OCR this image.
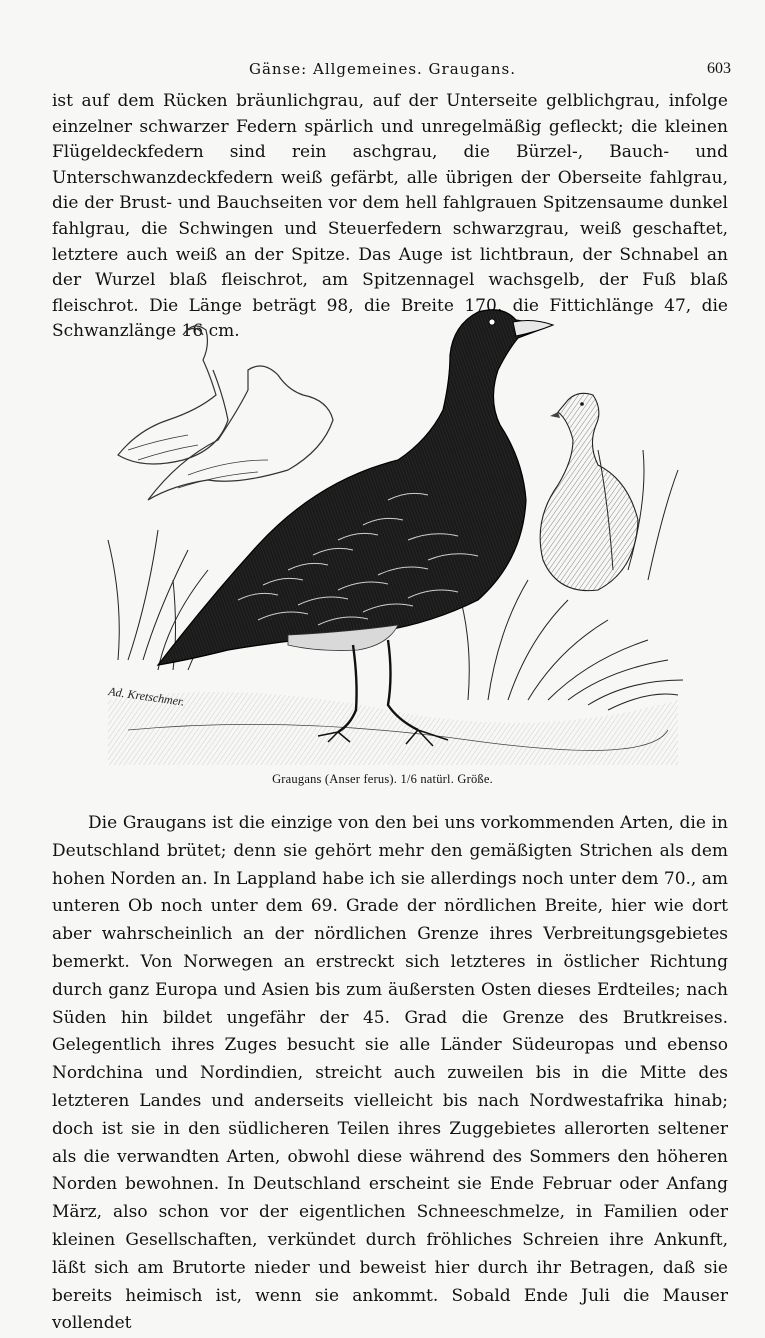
Gänse: Allgemeines. Graugans.	603

ist auf dem Rücken bräunlichgrau, auf der Unterseite gelblichgrau, infolge einzelner schwarzer Federn spärlich und unregelmäßig gefleckt; die kleinen Flügeldeckfedern sind rein aschgrau, die Bürzel-, Bauch- und Unterschwanzdeckfedern weiß gefärbt, alle übrigen der Oberseite fahlgrau, die der Brust- und Bauchseiten vor dem hell fahlgrauen Spitzensaume dunkel fahlgrau, die Schwingen und Steuerfedern schwarzgrau, weiß geschaftet, letztere auch weiß an der Spitze. Das Auge ist lichtbraun, der Schnabel an der Wurzel blaß fleischrot, am Spitzennagel wachsgelb, der Fuß blaß fleischrot. Die Länge beträgt 98, die Breite 170, die Fittichlänge 47, die Schwanzlänge 16 cm.

Ad. Kretschmer.
Graugans (Anser ferus). 1/6 natürl. Größe.

Die Graugans ist die einzige von den bei uns vorkommenden Arten, die in Deutschland brütet; denn sie gehört mehr den gemäßigten Strichen als dem hohen Norden an. In Lappland habe ich sie allerdings noch unter dem 70., am unteren Ob noch unter dem 69. Grade der nördlichen Breite, hier wie dort aber wahrscheinlich an der nördlichen Grenze ihres Verbreitungsgebietes bemerkt. Von Norwegen an erstreckt sich letzteres in östlicher Richtung durch ganz Europa und Asien bis zum äußersten Osten dieses Erdteiles; nach Süden hin bildet ungefähr der 45. Grad die Grenze des Brutkreises. Gelegentlich ihres Zuges besucht sie alle Länder Südeuropas und ebenso Nordchina und Nordindien, streicht auch zuweilen bis in die Mitte des letzteren Landes und anderseits vielleicht bis nach Nordwestafrika hinab; doch ist sie in den südlicheren Teilen ihres Zuggebietes allerorten seltener als die verwandten Arten, obwohl diese während des Sommers den höheren Norden bewohnen. In Deutschland erscheint sie Ende Februar oder Anfang März, also schon vor der eigentlichen Schneeschmelze, in Familien oder kleinen Gesellschaften, verkündet durch fröhliches Schreien ihre Ankunft, läßt sich am Brutorte nieder und beweist hier durch ihr Betragen, daß sie bereits heimisch ist, wenn sie ankommt. Sobald Ende Juli die Mauser vollendet
